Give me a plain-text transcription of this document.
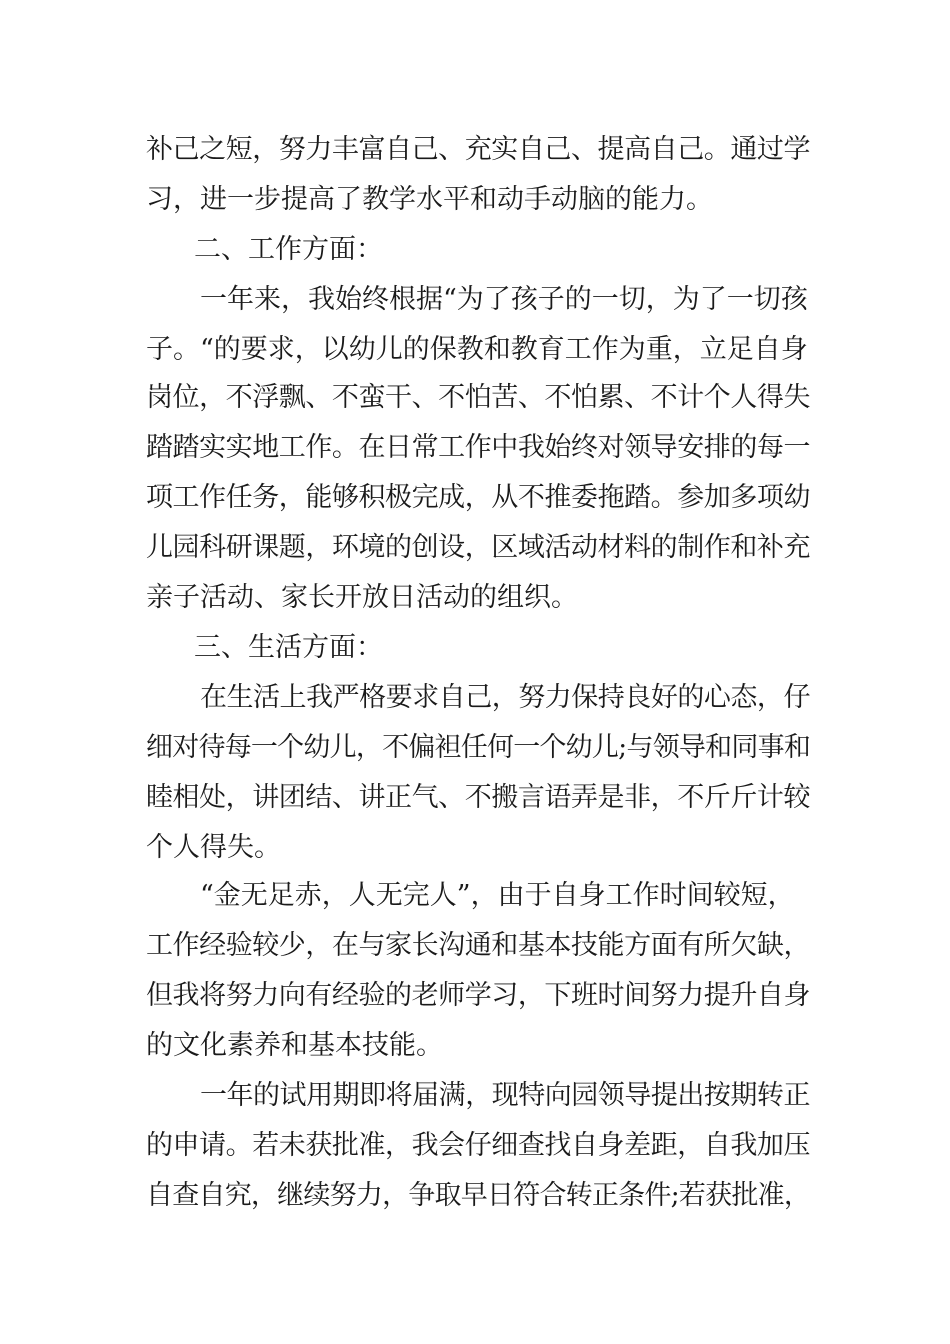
补己之短，努力丰富自己、充实自己、提高自己。通过学
习，进一步提高了教学水平和动手动脑的能力。
二、工作方面：
一年来，我始终根据“为了孩子的一切，为了一切孩
子。“的要求，以幼儿的保教和教育工作为重，立足自身
岗位，不浮飘、不蛮干、不怕苦、不怕累、不计个人得失
踏踏实实地工作。在日常工作中我始终对领导安排的每一
项工作任务，能够积极完成，从不推委拖踏。参加多项幼
儿园科研课题，环境的创设，区域活动材料的制作和补充
亲子活动、家长开放日活动的组织。
三、生活方面：
在生活上我严格要求自己，努力保持良好的心态，仔
细对待每一个幼儿，不偏袒任何一个幼儿;与领导和同事和
睦相处，讲团结、讲正气、不搬言语弄是非，不斤斤计较
个人得失。
“金无足赤，人无完人”，由于自身工作时间较短，
工作经验较少，在与家长沟通和基本技能方面有所欠缺，
但我将努力向有经验的老师学习，下班时间努力提升自身
的文化素养和基本技能。
一年的试用期即将届满，现特向园领导提出按期转正
的申请。若未获批准，我会仔细查找自身差距，自我加压
自查自究，继续努力，争取早日符合转正条件;若获批准，
